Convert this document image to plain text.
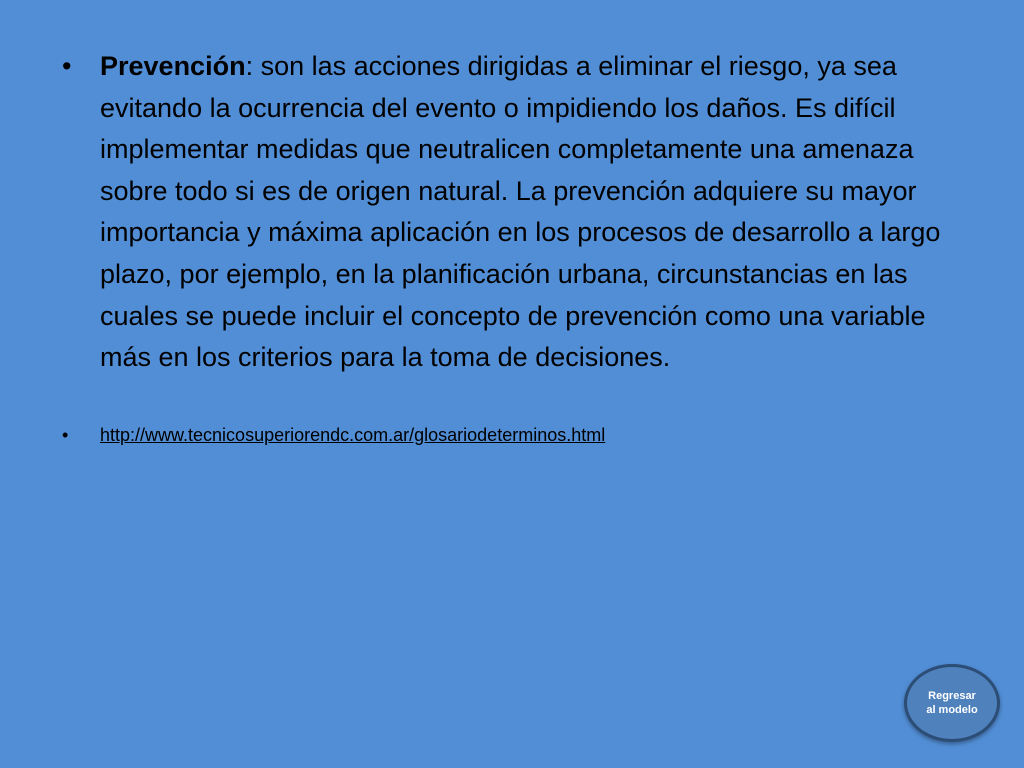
• Prevención: son las acciones dirigidas a eliminar el riesgo, ya sea evitando la ocurrencia del evento o impidiendo los daños. Es difícil implementar medidas que neutralicen completamente una amenaza sobre todo si es de origen natural. La prevención adquiere su mayor importancia y máxima aplicación en los procesos de desarrollo a largo plazo, por ejemplo, en la planificación urbana, circunstancias en las cuales se puede incluir el concepto de prevención como una variable más en los criterios para la toma de decisiones.
• http://www.tecnicosuperiorendc.com.ar/glosariodeterminos.html
Regresar al modelo
